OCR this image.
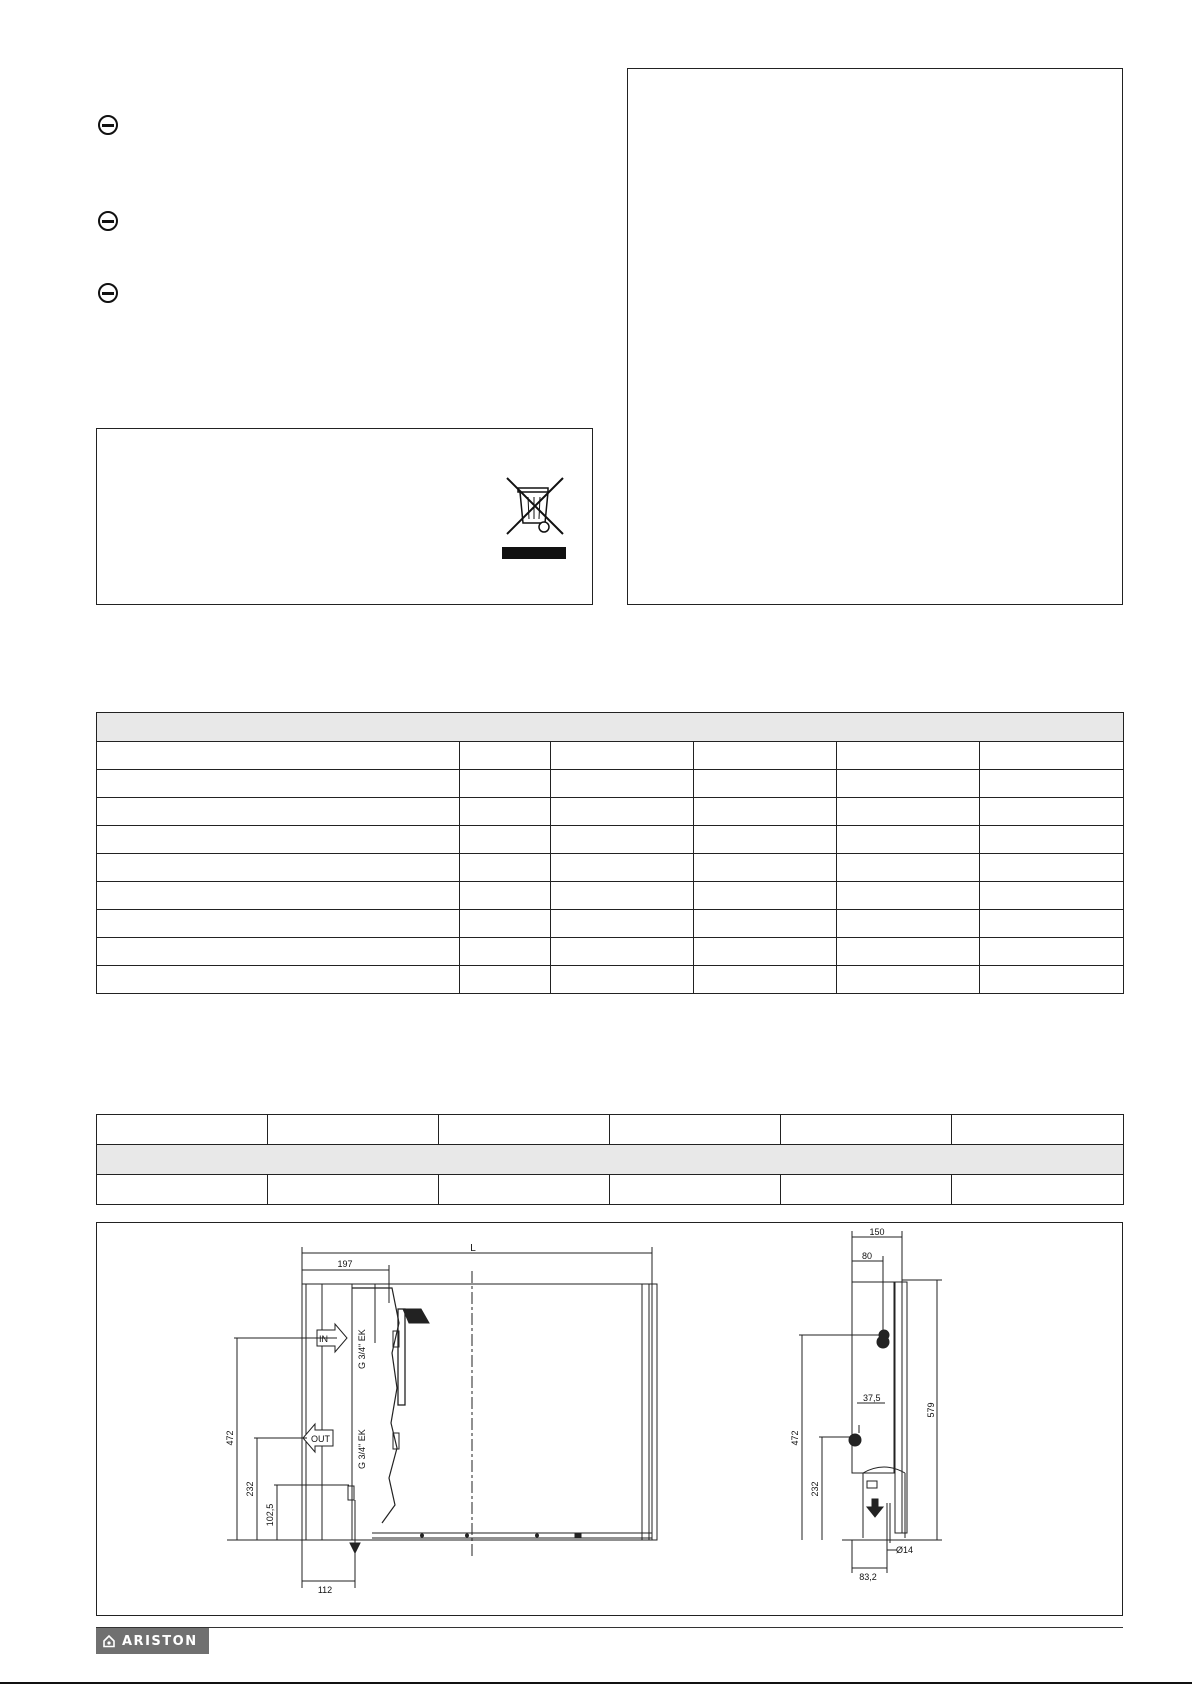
L
197
IN
OUT
G 3/4" EK
G 3/4" EK
472
232
102,5
112
150
80
579
472
232
37,5
Ø14
83,2
ARISTON
